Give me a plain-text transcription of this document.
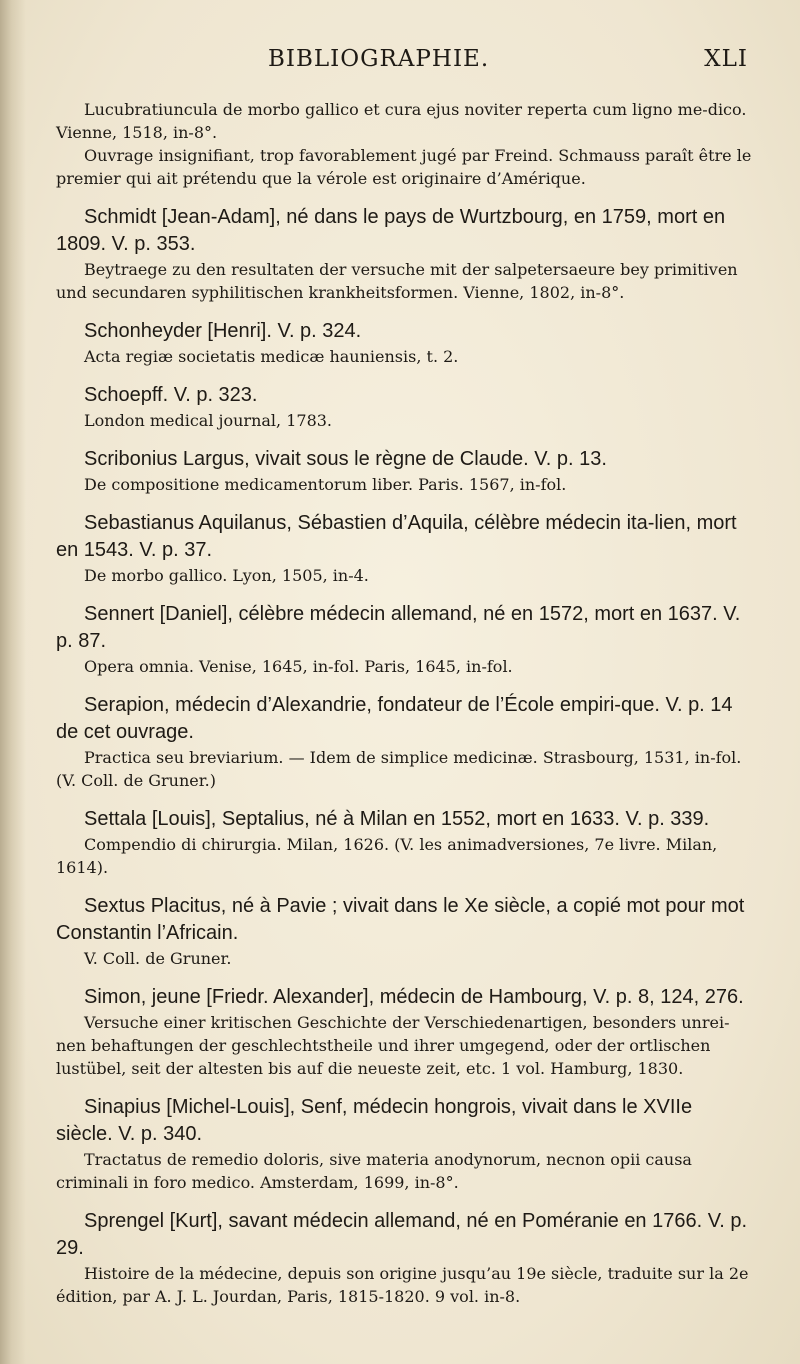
BIBLIOGRAPHIE.	XLI

Lucubratiuncula de morbo gallico et cura ejus noviter reperta cum ligno me-dico. Vienne, 1518, in-8°.

Ouvrage insignifiant, trop favorablement jugé par Freind. Schmauss paraît être le premier qui ait prétendu que la vérole est originaire d’Amérique.

Schmidt [Jean-Adam], né dans le pays de Wurtzbourg, en 1759, mort en 1809. V. p. 353.

Beytraege zu den resultaten der versuche mit der salpetersaeure bey primitiven und secundaren syphilitischen krankheitsformen. Vienne, 1802, in-8°.

Schonheyder [Henri]. V. p. 324.

Acta regiæ societatis medicæ hauniensis, t. 2.

Schoepff. V. p. 323.

London medical journal, 1783.

Scribonius Largus, vivait sous le règne de Claude. V. p. 13.

De compositione medicamentorum liber. Paris. 1567, in-fol.

Sebastianus Aquilanus, Sébastien d’Aquila, célèbre médecin ita-lien, mort en 1543. V. p. 37.

De morbo gallico. Lyon, 1505, in-4.

Sennert [Daniel], célèbre médecin allemand, né en 1572, mort en 1637. V. p. 87.

Opera omnia. Venise, 1645, in-fol. Paris, 1645, in-fol.

Serapion, médecin d’Alexandrie, fondateur de l’École empiri-que. V. p. 14 de cet ouvrage.

Practica seu breviarium. — Idem de simplice medicinæ. Strasbourg, 1531, in-fol. (V. Coll. de Gruner.)

Settala [Louis], Septalius, né à Milan en 1552, mort en 1633. V. p. 339.

Compendio di chirurgia. Milan, 1626. (V. les animadversiones, 7e livre. Milan, 1614).

Sextus Placitus, né à Pavie ; vivait dans le Xe siècle, a copié mot pour mot Constantin l’Africain.

V. Coll. de Gruner.

Simon, jeune [Friedr. Alexander], médecin de Hambourg, V. p. 8, 124, 276.

Versuche einer kritischen Geschichte der Verschiedenartigen, besonders unrei-nen behaftungen der geschlechtstheile und ihrer umgegend, oder der ortlischen lustübel, seit der altesten bis auf die neueste zeit, etc. 1 vol. Hamburg, 1830.

Sinapius [Michel-Louis], Senf, médecin hongrois, vivait dans le XVIIe siècle. V. p. 340.

Tractatus de remedio doloris, sive materia anodynorum, necnon opii causa criminali in foro medico. Amsterdam, 1699, in-8°.

Sprengel [Kurt], savant médecin allemand, né en Poméranie en 1766. V. p. 29.

Histoire de la médecine, depuis son origine jusqu’au 19e siècle, traduite sur la 2e édition, par A. J. L. Jourdan, Paris, 1815-1820. 9 vol. in-8.
